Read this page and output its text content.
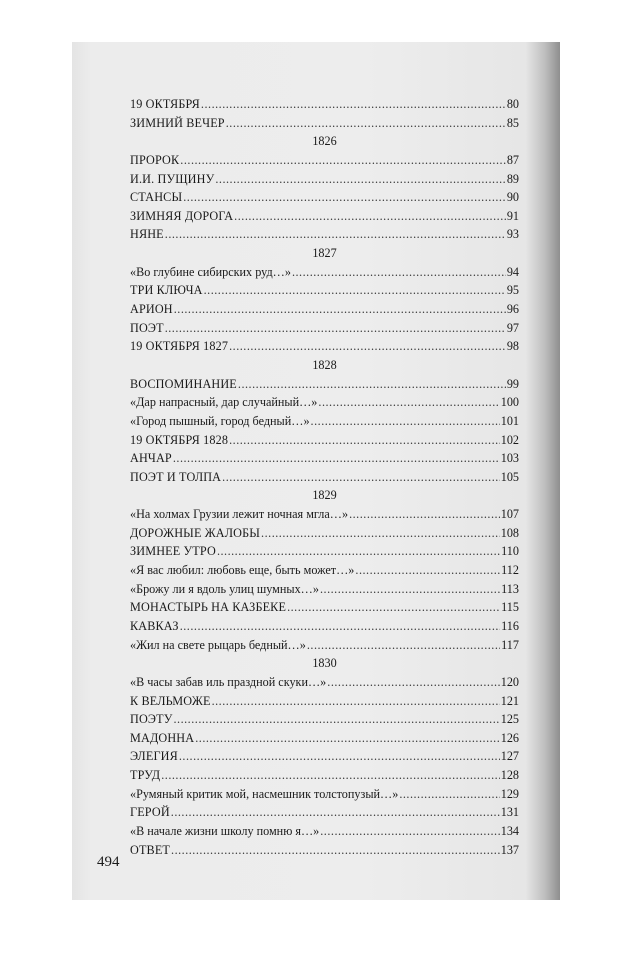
19 ОКТЯБРЯ .....	80
ЗИМНИЙ ВЕЧЕР .....	85
1826
ПРОРОК .....	87
И.И. ПУЩИНУ .....	89
СТАНСЫ .....	90
ЗИМНЯЯ ДОРОГА .....	91
НЯНЕ .....	93
1827
«Во глубине сибирских руд…» .....	94
ТРИ КЛЮЧА .....	95
АРИОН .....	96
ПОЭТ .....	97
19 ОКТЯБРЯ 1827 .....	98
1828
ВОСПОМИНАНИЕ .....	99
«Дар напрасный, дар случайный…» .....	100
«Город пышный, город бедный…» .....	101
19 ОКТЯБРЯ 1828 .....	102
АНЧАР .....	103
ПОЭТ И ТОЛПА .....	105
1829
«На холмах Грузии лежит ночная мгла…» .....	107
ДОРОЖНЫЕ ЖАЛОБЫ .....	108
ЗИМНЕЕ УТРО .....	110
«Я вас любил: любовь еще, быть может…» .....	112
«Брожу ли я вдоль улиц шумных…» .....	113
МОНАСТЫРЬ НА КАЗБЕКЕ .....	115
КАВКАЗ .....	116
«Жил на свете рыцарь бедный…» .....	117
1830
«В часы забав иль праздной скуки…» .....	120
К ВЕЛЬМОЖЕ .....	121
ПОЭТУ .....	125
МАДОННА .....	126
ЭЛЕГИЯ .....	127
ТРУД .....	128
«Румяный критик мой, насмешник толстопузый…» .....	129
ГЕРОЙ .....	131
«В начале жизни школу помню я…» .....	134
ОТВЕТ .....	137
494
